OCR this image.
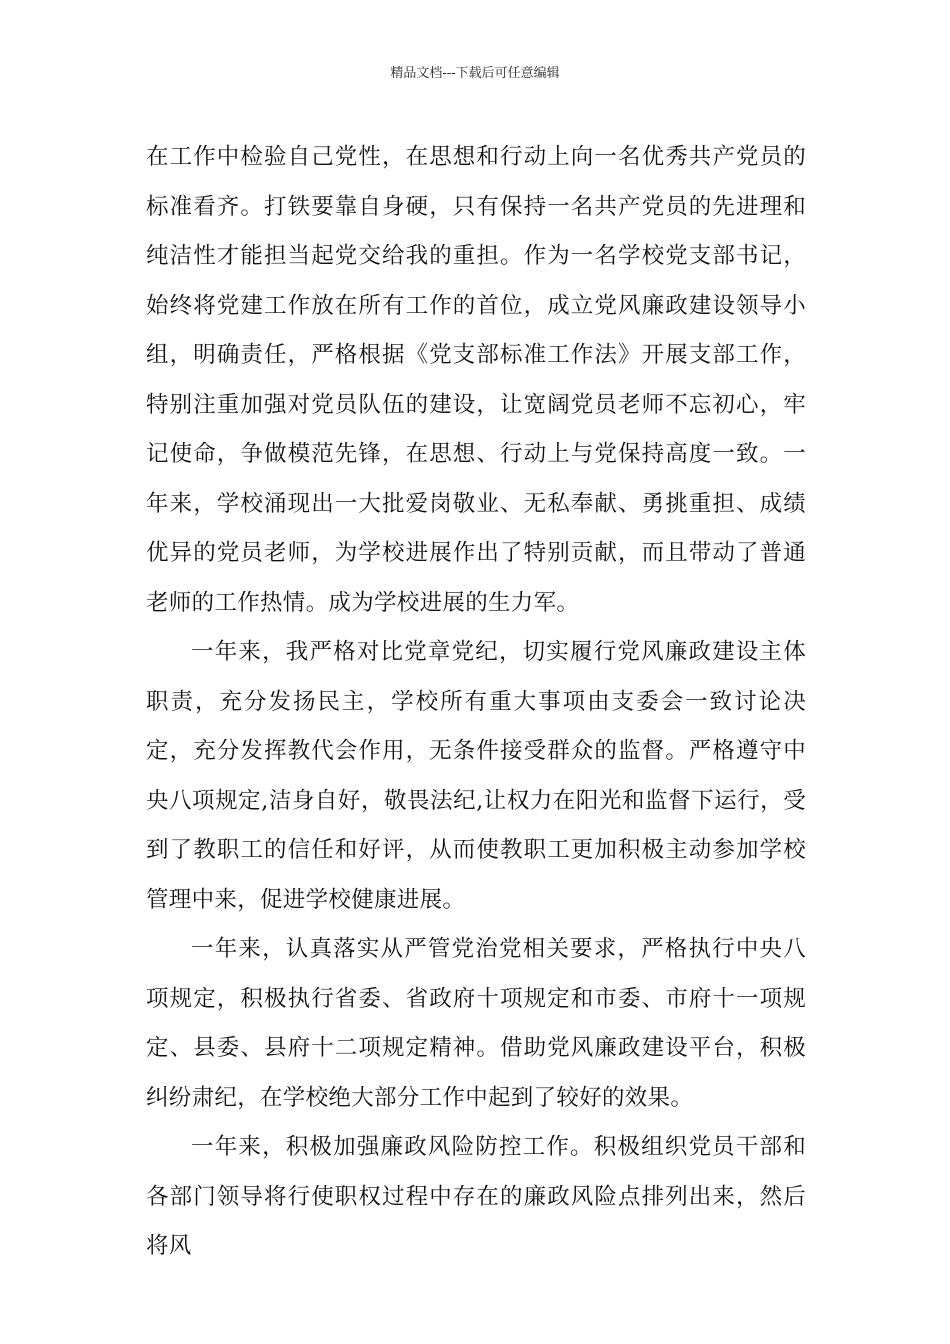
精品文档---下载后可任意编辑

在工作中检验自己党性，在思想和行动上向一名优秀共产党员的标准看齐。打铁要靠自身硬，只有保持一名共产党员的先进理和纯洁性才能担当起党交给我的重担。作为一名学校党支部书记，始终将党建工作放在所有工作的首位，成立党风廉政建设领导小组，明确责任，严格根据《党支部标准工作法》开展支部工作，特别注重加强对党员队伍的建设，让宽阔党员老师不忘初心，牢记使命，争做模范先锋，在思想、行动上与党保持高度一致。一年来，学校涌现出一大批爱岗敬业、无私奉献、勇挑重担、成绩优异的党员老师，为学校进展作出了特别贡献，而且带动了普通老师的工作热情。成为学校进展的生力军。

一年来，我严格对比党章党纪，切实履行党风廉政建设主体职责，充分发扬民主，学校所有重大事项由支委会一致讨论决定，充分发挥教代会作用，无条件接受群众的监督。严格遵守中央八项规定,洁身自好，敬畏法纪,让权力在阳光和监督下运行，受到了教职工的信任和好评，从而使教职工更加积极主动参加学校管理中来，促进学校健康进展。

一年来，认真落实从严管党治党相关要求，严格执行中央八项规定，积极执行省委、省政府十项规定和市委、市府十一项规定、县委、县府十二项规定精神。借助党风廉政建设平台，积极纠纷肃纪，在学校绝大部分工作中起到了较好的效果。

一年来，积极加强廉政风险防控工作。积极组织党员干部和各部门领导将行使职权过程中存在的廉政风险点排列出来，然后将风
